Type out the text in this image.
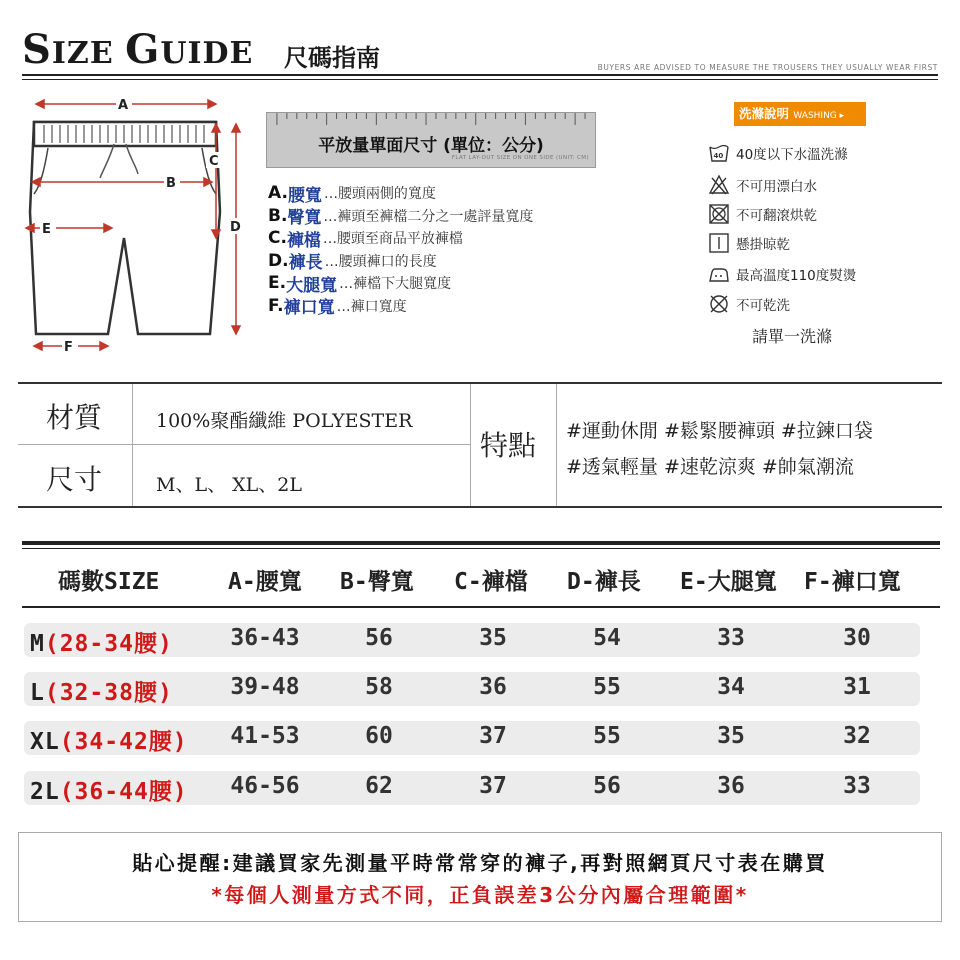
SIZE GUIDE 尺碼指南	BUYERS ARE ADVISED TO MEASURE THE TROUSERS THEY USUALLY WEAR FIRST
A
B
C
D
E
F
平放量單面尺寸 (單位：公分)
FLAT LAY-OUT SIZE ON ONE SIDE (UNIT: CM)
A. 腰寬 …腰頭兩側的寬度
B. 臀寬 …褲頭至褲檔二分之一處評量寬度
C. 褲檔 …腰頭至商品平放褲檔
D. 褲長 …腰頭褲口的長度
E. 大腿寬 …褲檔下大腿寬度
F. 褲口寬 …褲口寬度
洗滌說明 WASHING ▸
40 40度以下水溫洗滌
不可用漂白水
不可翻滾烘乾
懸掛晾乾
最高溫度110度熨燙
不可乾洗
請單一洗滌
材質	100%聚酯纖維 POLYESTER
尺寸	M、L、 XL、2L
特點 #運動休閒 #鬆緊腰褲頭 #拉鍊口袋
#透氣輕量 #速乾涼爽 #帥氣潮流
碼數SIZE	A-腰寬 B-臀寬 C-褲檔 D-褲長 E-大腿寬 F-褲口寬
M(28-34腰)	36-43	56	35	54	33	30
L(32-38腰)	39-48	58	36	55	34	31
XL(34-42腰)	41-53	60	37	55	35	32
2L(36-44腰)	46-56	62	37	56	36	33
貼心提醒:建議買家先測量平時常常穿的褲子,再對照網頁尺寸表在購買
*每個人測量方式不同，正負誤差3公分內屬合理範圍*
